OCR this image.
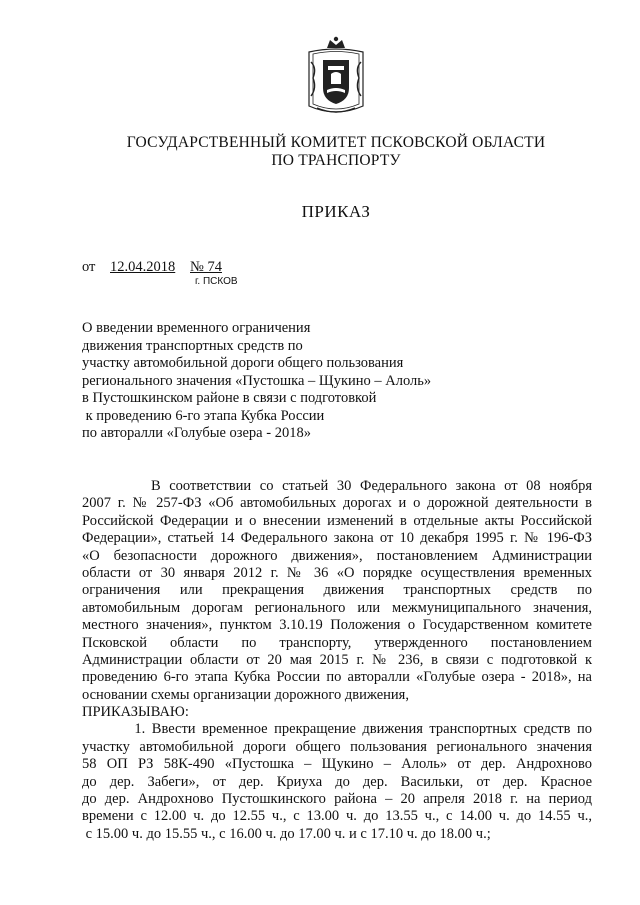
ГОСУДАРСТВЕННЫЙ КОМИТЕТ ПСКОВСКОЙ ОБЛАСТИ
ПО ТРАНСПОРТУ
ПРИКАЗ
от 12.04.2018 № 74
г. ПСКОВ
О введении временного ограничения
движения транспортных средств по
участку автомобильной дороги общего пользования
регионального значения «Пустошка – Щукино – Алоль»
в Пустошкинском районе в связи с подготовкой
к проведению 6-го этапа Кубка России
по авторалли «Голубые озера - 2018»
В соответствии со статьей 30 Федерального закона от 08 ноября
2007 г. № 257-ФЗ «Об автомобильных дорогах и о дорожной деятельности в
Российской Федерации и о внесении изменений в отдельные акты Российской
Федерации», статьей 14 Федерального закона от 10 декабря 1995 г. № 196-ФЗ
«О безопасности дорожного движения», постановлением Администрации
области от 30 января 2012 г. № 36 «О порядке осуществления временных
ограничения или прекращения движения транспортных средств по
автомобильным дорогам регионального или межмуниципального значения,
местного значения», пунктом 3.10.19 Положения о Государственном комитете
Псковской области по транспорту, утвержденного постановлением
Администрации области от 20 мая 2015 г. № 236, в связи с подготовкой к
проведению 6-го этапа Кубка России по авторалли «Голубые озера - 2018», на
основании схемы организации дорожного движения,
ПРИКАЗЫВАЮ:
1. Ввести временное прекращение движения транспортных средств по
участку автомобильной дороги общего пользования регионального значения
58 ОП РЗ 58К-490 «Пустошка – Щукино – Алоль» от дер. Андрохново
до дер. Забеги», от дер. Криуха до дер. Васильки, от дер. Красное
до дер. Андрохново Пустошкинского района – 20 апреля 2018 г. на период
времени с 12.00 ч. до 12.55 ч., с 13.00 ч. до 13.55 ч., с 14.00 ч. до 14.55 ч.,
с 15.00 ч. до 15.55 ч., с 16.00 ч. до 17.00 ч. и с 17.10 ч. до 18.00 ч.;
